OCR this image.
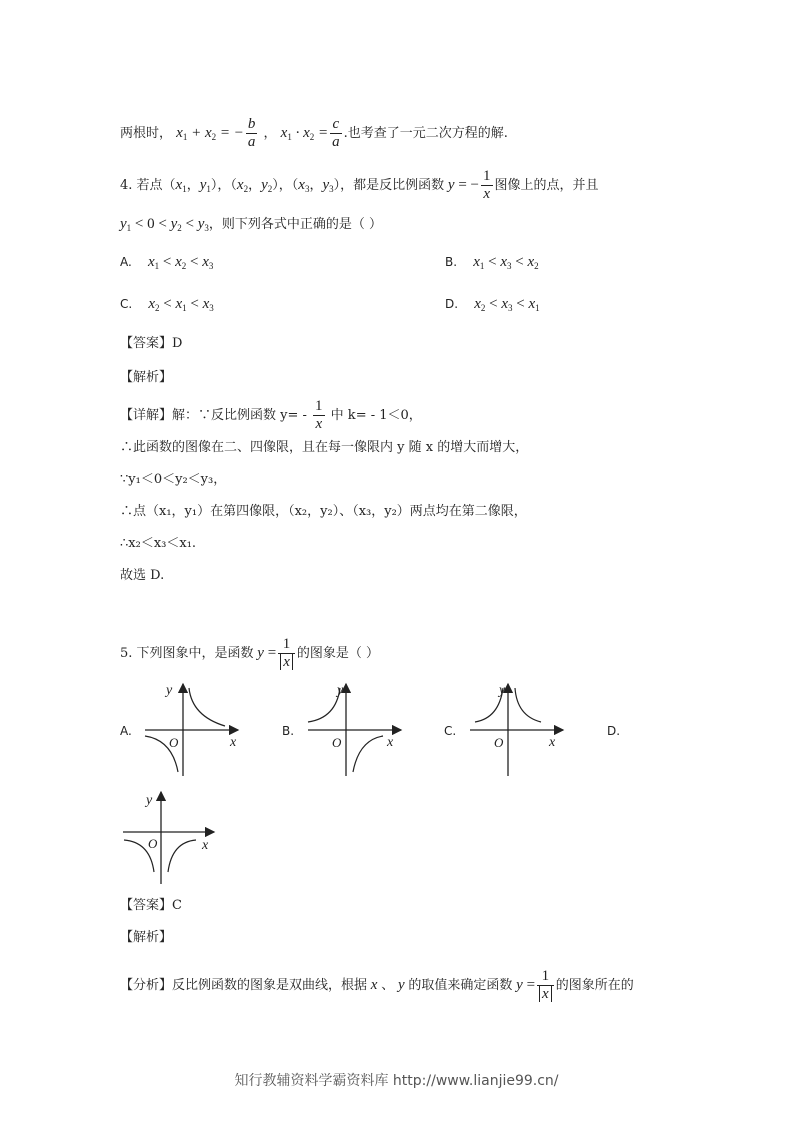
两根时， $x_1 + x_2$ = − $\frac{b}{a}$ ， $x_1 \cdot x_2 = \frac{c}{a}$ .也考查了一元二次方程的解.
4. 若点（$x_1$，$y_1$），（$x_2$，$y_2$），（$x_3$，$y_3$），都是反比例函数 y = − $\frac{1}{x}$ 图像上的点，并且
$y_1 < 0 < y_2 < y_3$，则下列各式中正确的是（ ）
A. $x_1 < x_2 < x_3$	B. $x_1 < x_3 < x_2$
C. $x_2 < x_1 < x_3$	D. $x_2 < x_3 < x_1$
【答案】D
【解析】
【详解】解：∵反比例函数 $y= - \frac{1}{x}$ 中 k= - 1＜0，
∴此函数的图像在二、四像限，且在每一像限内 y 随 x 的增大而增大，
∵y₁＜0＜y₂＜y₃，
∴点（x₁，y₁）在第四像限，（x₂，y₂）、（x₃，y₂）两点均在第二像限，
∴x₂＜x₃＜x₁.
故选 D.
5. 下列图象中，是函数 $y = \frac{1}{x}$ 的图象是（ ）
A.	B.	C.	D.
y
x
O
y
x
O
y
x
O
y
x
O
【答案】C
【解析】
【分析】反比例函数的图象是双曲线，根据 x 、 y 的取值来确定函数 $y = \frac{1}{x}$ 的图象所在的
知行教辅资料学霸资料库 http://www.lianjie99.cn/
